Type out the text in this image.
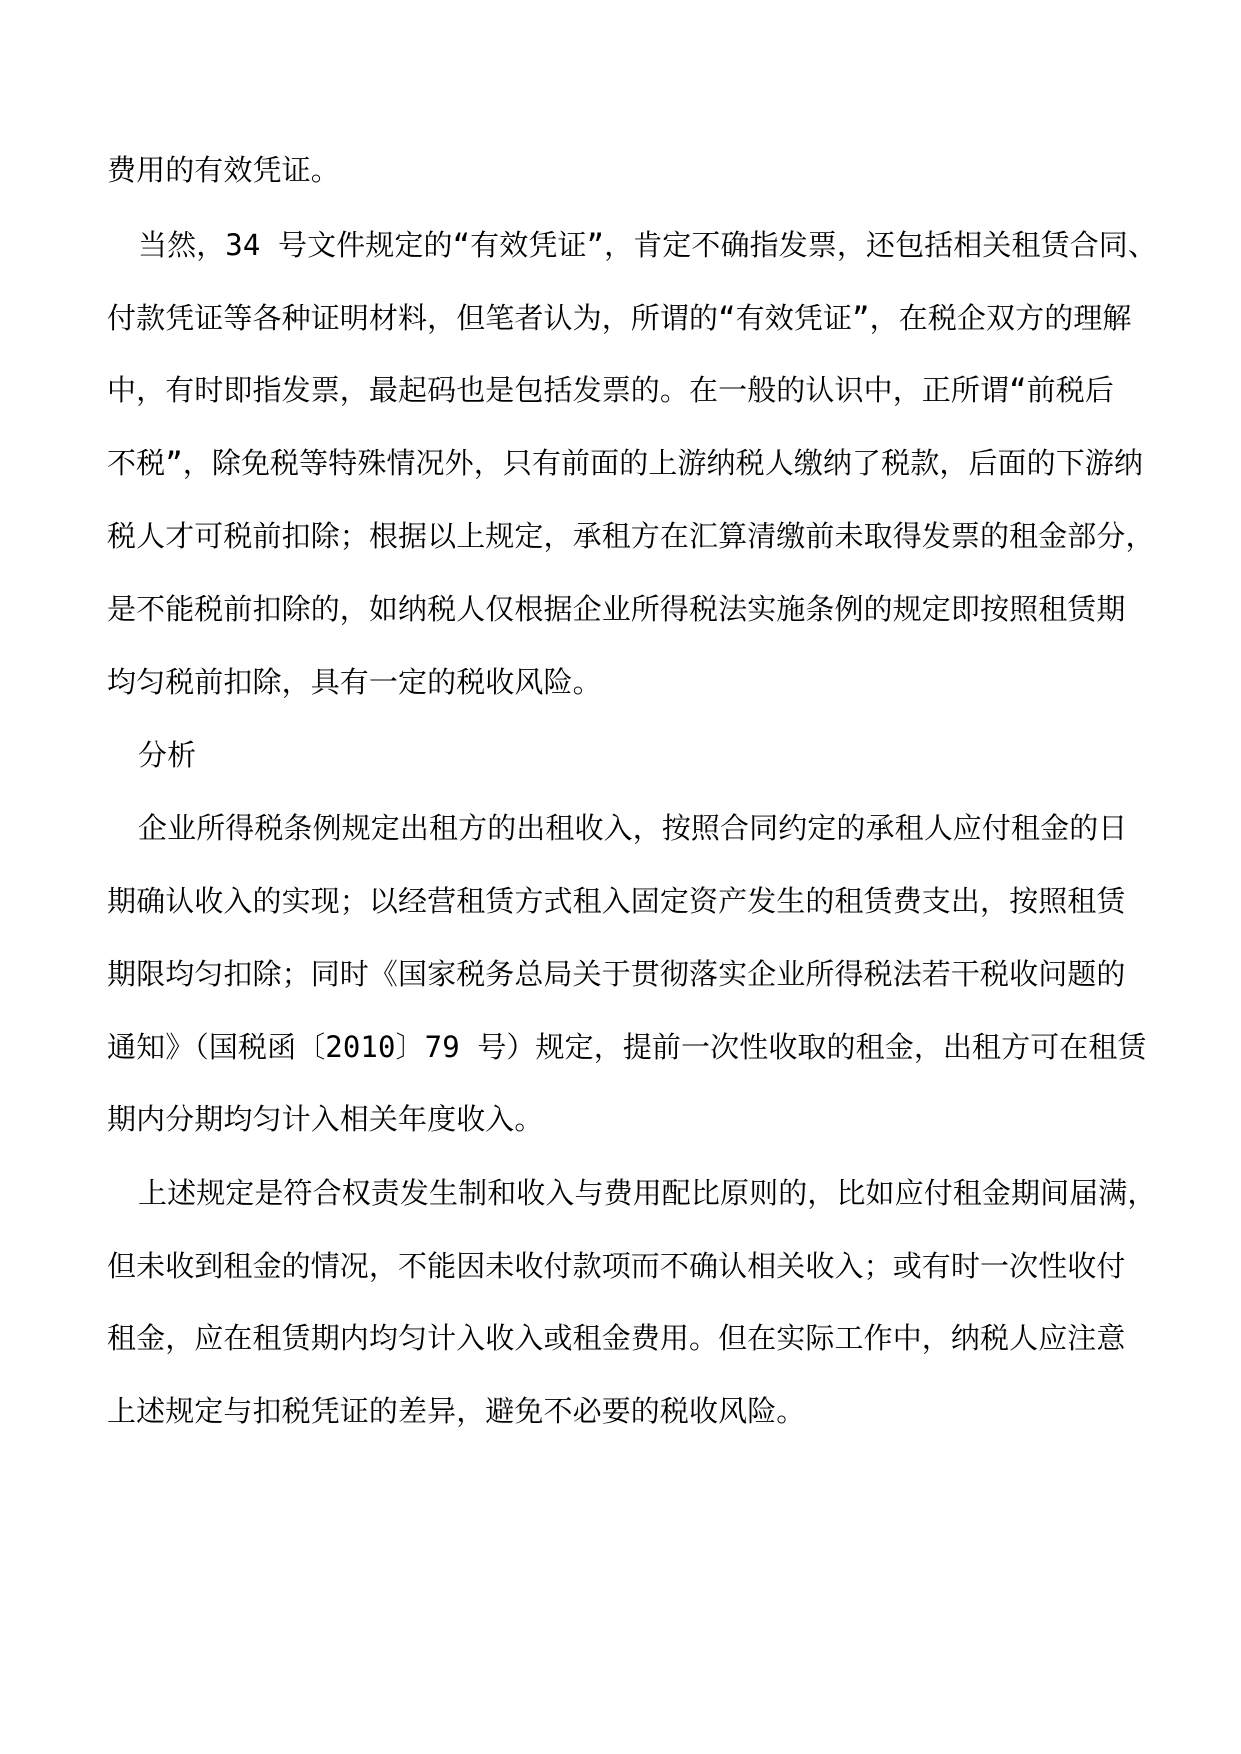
费用的有效凭证。

当然，34 号文件规定的“有效凭证”，肯定不确指发票，还包括相关租赁合同、

付款凭证等各种证明材料，但笔者认为，所谓的“有效凭证”，在税企双方的理解

中，有时即指发票，最起码也是包括发票的。在一般的认识中，正所谓“前税后

不税”，除免税等特殊情况外，只有前面的上游纳税人缴纳了税款，后面的下游纳

税人才可税前扣除；根据以上规定，承租方在汇算清缴前未取得发票的租金部分，

是不能税前扣除的，如纳税人仅根据企业所得税法实施条例的规定即按照租赁期

均匀税前扣除，具有一定的税收风险。

分析

企业所得税条例规定出租方的出租收入，按照合同约定的承租人应付租金的日

期确认收入的实现；以经营租赁方式租入固定资产发生的租赁费支出，按照租赁

期限均匀扣除；同时《国家税务总局关于贯彻落实企业所得税法若干税收问题的

通知》（国税函〔2010〕79 号）规定，提前一次性收取的租金，出租方可在租赁

期内分期均匀计入相关年度收入。

上述规定是符合权责发生制和收入与费用配比原则的，比如应付租金期间届满，

但未收到租金的情况，不能因未收付款项而不确认相关收入；或有时一次性收付

租金，应在租赁期内均匀计入收入或租金费用。但在实际工作中，纳税人应注意

上述规定与扣税凭证的差异，避免不必要的税收风险。
